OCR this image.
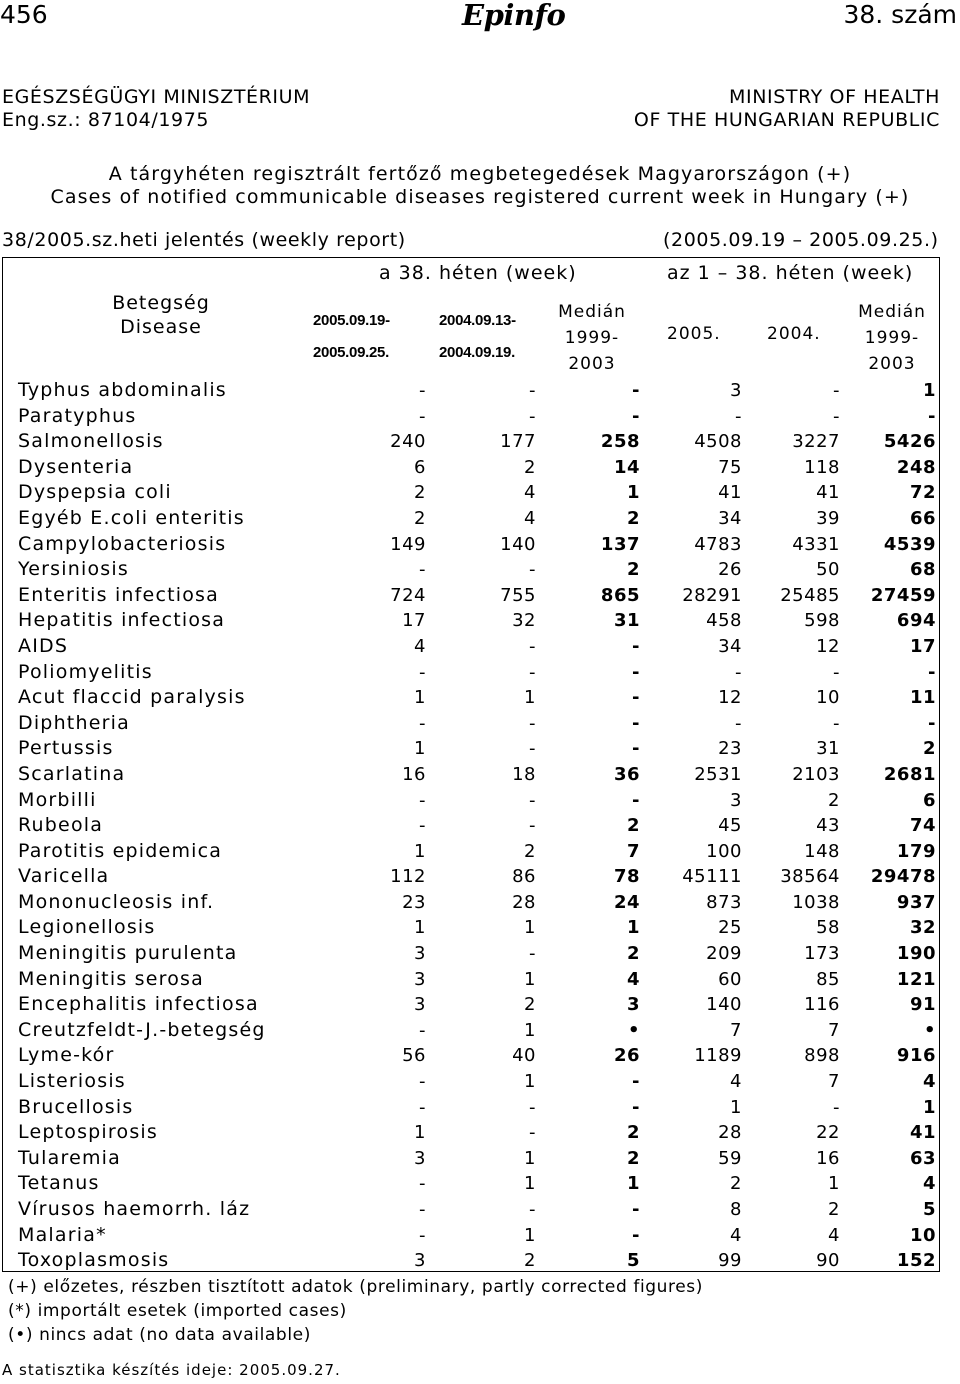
456	Epinfo	38. szám
EGÉSZSÉGÜGYI MINISZTÉRIUM
Eng.sz.: 87104/1975
MINISTRY OF HEALTH
OF THE HUNGARIAN REPUBLIC
A tárgyhéten regisztrált fertőző megbetegedések Magyarországon (+)
Cases of notified communicable diseases registered current week in Hungary (+)
38/2005.sz.heti jelentés (weekly report)	(2005.09.19 – 2005.09.25.)
Betegség
Disease
a 38. héten (week)	az 1 – 38. héten (week)
2005.09.19-
2005.09.25.
2004.09.13-
2004.09.19.
Medián
1999-
2003
2005.	2004.
Medián
1999-
2003
Typhus abdominalis	-	-	-	3	-	1
Paratyphus	-	-	-	-	-	-
Salmonellosis	240	177	258	4508	3227 5426
Dysenteria	6	2	14	75	118	248
Dyspepsia coli	2	4	1	41	41	72
Egyéb E.coli enteritis	2	4	2	34	39	66
Campylobacteriosis	149	140	137	4783	4331 4539
Yersiniosis	-	-	2	26	50	68
Enteritis infectiosa	724	755	865 28291 25485 27459
Hepatitis infectiosa	17	32	31	458	598	694
AIDS	4	-	-	34	12	17
Poliomyelitis	-	-	-	-	-	-
Acut flaccid paralysis	1	1	-	12	10	11
Diphtheria	-	-	-	-	-	-
Pertussis	1	-	-	23	31	2
Scarlatina	16	18	36	2531	2103 2681
Morbilli	-	-	-	3	2	6
Rubeola	-	-	2	45	43	74
Parotitis epidemica	1	2	7	100	148	179
Varicella	112	86	78 45111 38564 29478
Mononucleosis inf.	23	28	24	873	1038	937
Legionellosis	1	1	1	25	58	32
Meningitis purulenta	3	-	2	209	173	190
Meningitis serosa	3	1	4	60	85	121
Encephalitis infectiosa	3	2	3	140	116	91
Creutzfeldt-J.-betegség	-	1	•	7	7	•
Lyme-kór	56	40	26	1189	898	916
Listeriosis	-	1	-	4	7	4
Brucellosis	-	-	-	1	-	1
Leptospirosis	1	-	2	28	22	41
Tularemia	3	1	2	59	16	63
Tetanus	-	1	1	2	1	4
Vírusos haemorrh. láz	-	-	-	8	2	5
Malaria*	-	1	-	4	4	10
Toxoplasmosis	3	2	5	99	90	152
(+) előzetes, részben tisztított adatok (preliminary, partly corrected figures)
(*) importált esetek (imported cases)
(•) nincs adat (no data available)
A statisztika készítés ideje: 2005.09.27.
